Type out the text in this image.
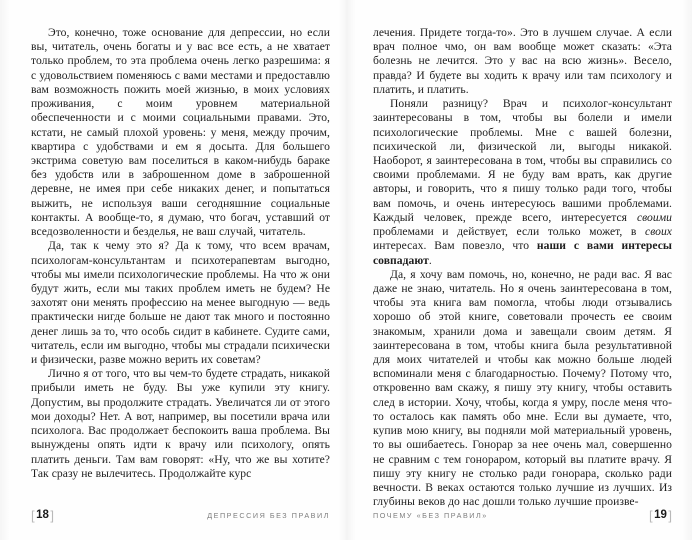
Это, конечно, тоже основание для депрессии, но если вы, читатель, очень богаты и у вас все есть, а не хватает только проблем, то эта проблема очень легко разрешима: я с удовольствием поменяюсь с вами местами и предоставлю вам возможность пожить моей жизнью, в моих условиях проживания, с моим уровнем материальной обеспеченности и с моими социальными правами. Это, кстати, не самый плохой уровень: у меня, между прочим, квартира с удобствами и ем я досыта. Для большего экстрима советую вам поселиться в каком-нибудь бараке без удобств или в заброшенном доме в заброшенной деревне, не имея при себе никаких денег, и попытаться выжить, не используя ваши сегодняшние социальные контакты. А вообще-то, я думаю, что богач, уставший от вседозволенности и безделья, не ваш случай, читатель.

Да, так к чему это я? Да к тому, что всем врачам, психологам-консультантам и психотерапевтам выгодно, чтобы мы имели психологические проблемы. На что ж они будут жить, если мы таких проблем иметь не будем? Не захотят они менять профессию на менее выгодную — ведь практически нигде больше не дают так много и постоянно денег лишь за то, что особь сидит в кабинете. Судите сами, читатель, если им выгодно, чтобы мы страдали психически и физически, разве можно верить их советам?

Лично я от того, что вы чем-то будете страдать, никакой прибыли иметь не буду. Вы уже купили эту книгу. Допустим, вы продолжите страдать. Увеличатся ли от этого мои доходы? Нет. А вот, например, вы посетили врача или психолога. Вас продолжает беспокоить ваша проблема. Вы вынуждены опять идти к врачу или психологу, опять платить деньги. Там вам говорят: «Ну, что же вы хотите? Так сразу не вылечитесь. Продолжайте курс

[ 18 ]	ДЕПРЕССИЯ БЕЗ ПРАВИЛ

лечения. Придете тогда-то». Это в лучшем случае. А если врач полное чмо, он вам вообще может сказать: «Эта болезнь не лечится. Это у вас на всю жизнь». Весело, правда? И будете вы ходить к врачу или там психологу и платить, и платить.

Поняли разницу? Врач и психолог-консультант заинтересованы в том, чтобы вы болели и имели психологические проблемы. Мне с вашей болезни, психической ли, физической ли, выгоды никакой. Наоборот, я заинтересована в том, чтобы вы справились со своими проблемами. Я не буду вам врать, как другие авторы, и говорить, что я пишу только ради того, чтобы вам помочь, и очень интересуюсь вашими проблемами. Каждый человек, прежде всего, интересуется своими проблемами и действует, если только может, в своих интересах. Вам повезло, что наши с вами интересы совпадают.

Да, я хочу вам помочь, но, конечно, не ради вас. Я вас даже не знаю, читатель. Но я очень заинтересована в том, чтобы эта книга вам помогла, чтобы люди отзывались хорошо об этой книге, советовали прочесть ее своим знакомым, хранили дома и завещали своим детям. Я заинтересована в том, чтобы книга была результативной для моих читателей и чтобы как можно больше людей вспоминали меня с благодарностью. Почему? Потому что, откровенно вам скажу, я пишу эту книгу, чтобы оставить след в истории. Хочу, чтобы, когда я умру, после меня что-то осталось как память обо мне. Если вы думаете, что, купив мою книгу, вы подняли мой материальный уровень, то вы ошибаетесь. Гонорар за нее очень мал, совершенно не сравним с тем гонораром, который вы платите врачу. Я пишу эту книгу не столько ради гонорара, сколько ради вечности. В веках остаются только лучшие из лучших. Из глубины веков до нас дошли только лучшие произве-

[ 19 ]
ПОЧЕМУ «БЕЗ ПРАВИЛ»
